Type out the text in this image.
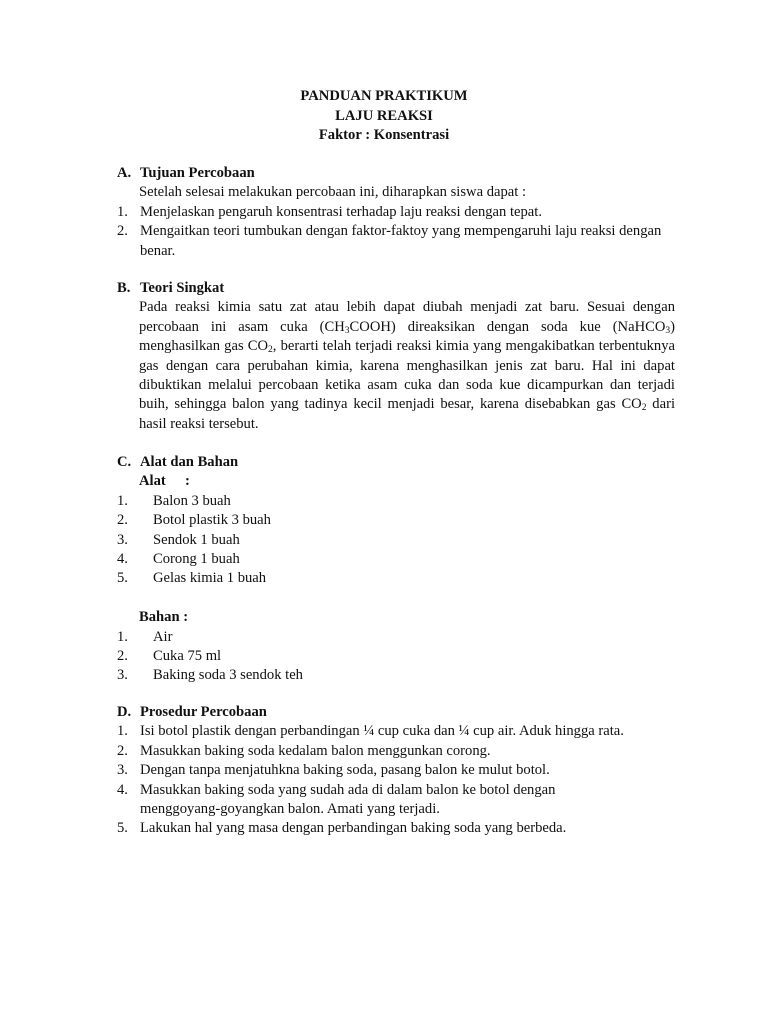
PANDUAN PRAKTIKUM
LAJU REAKSI
Faktor : Konsentrasi
A. Tujuan Percobaan
Setelah selesai melakukan percobaan ini, diharapkan siswa dapat :
1. Menjelaskan pengaruh konsentrasi terhadap laju reaksi dengan tepat.
2. Mengaitkan teori tumbukan dengan faktor-faktoy yang mempengaruhi laju reaksi dengan benar.
B. Teori Singkat
Pada reaksi kimia satu zat atau lebih dapat diubah menjadi zat baru. Sesuai dengan percobaan ini asam cuka $(CH_3COOH)$ direaksikan dengan soda kue (NaHCO$_3$) menghasilkan gas $CO_2$, berarti telah terjadi reaksi kimia yang mengakibatkan terbentuknya gas dengan cara perubahan kimia, karena menghasilkan jenis zat baru. Hal ini dapat dibuktikan melalui percobaan ketika asam cuka dan soda kue dicampurkan dan terjadi buih, sehingga balon yang tadinya kecil menjadi besar, karena disebabkan gas $CO_2$ dari hasil reaksi tersebut.
C. Alat dan Bahan
Alat :
1.	Balon 3 buah
2.	Botol plastik 3 buah
3.	Sendok 1 buah
4.	Corong 1 buah
5.	Gelas kimia 1 buah
Bahan :
1.	Air
2.	Cuka 75 ml
3.	Baking soda 3 sendok teh
D. Prosedur Percobaan
1. Isi botol plastik dengan perbandingan ¼ cup cuka dan ¼ cup air. Aduk hingga rata.
2. Masukkan baking soda kedalam balon menggunkan corong.
3. Dengan tanpa menjatuhkna baking soda, pasang balon ke mulut botol.
4. Masukkan baking soda yang sudah ada di dalam balon ke botol dengan menggoyang-goyangkan balon. Amati yang terjadi.
5. Lakukan hal yang masa dengan perbandingan baking soda yang berbeda.
